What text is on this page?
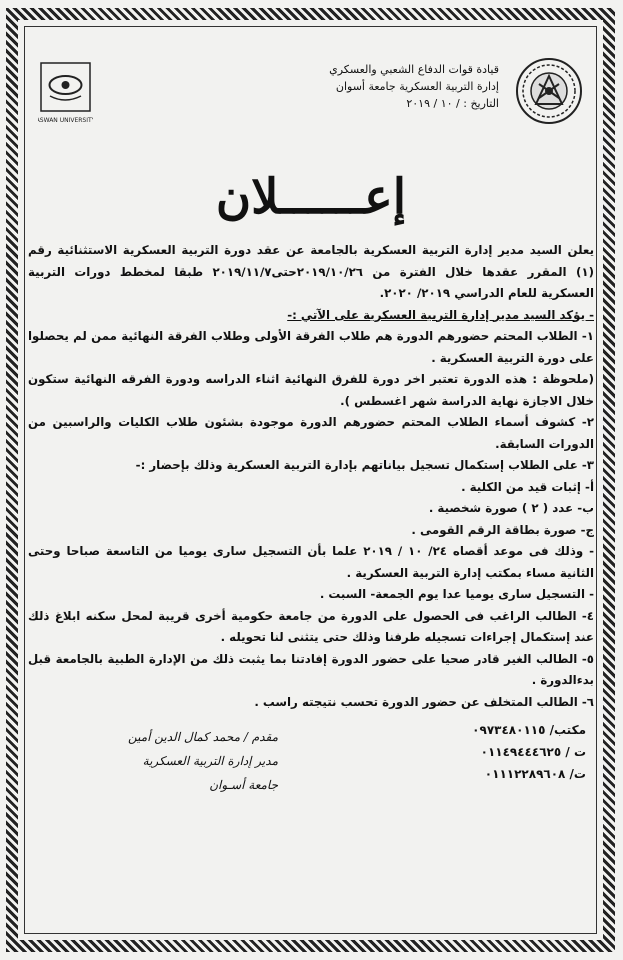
قيادة قوات الدفاع الشعبي والعسكري
إدارة التربية العسكرية جامعة أسوان
التاريخ : / ١٠ / ٢٠١٩
ASWAN UNIVERSITY
إعــــــلان

يعلن السيد مدير إدارة التربية العسكرية بالجامعة عن عقد دورة التربية العسكرية الاستثنائية رقم (١) المقرر عقدها خلال الفترة من ٢٠١٩/١٠/٢٦حتى٢٠١٩/١١/٧ طبقا لمخطط دورات التربية العسكرية للعام الدراسي ٢٠١٩/ ٢٠٢٠.

- يؤكد السيد مدير إدارة التربية العسكرية على الآتي :-

١- الطلاب المحتم حضورهم الدورة هم طلاب الفرقة الأولى وطلاب الفرقة النهائية ممن لم يحصلوا على دورة التربية العسكرية .

(ملحوظة : هذه الدورة تعتبر اخر دورة للفرق النهائية اثناء الدراسه ودورة الفرقه النهائية ستكون خلال الاجازة نهاية الدراسة شهر اغسطس ).

٢- كشوف أسماء الطلاب المحتم حضورهم الدورة موجودة بشئون طلاب الكليات والراسبين من الدورات السابقة.

٣- على الطلاب إستكمال تسجيل بياناتهم بإدارة التربية العسكرية وذلك بإحضار :-

أ- إثبات قيد من الكلية .

ب- عدد ( ٢ ) صورة شخصية .

ج- صورة بطاقة الرقم القومى .

- وذلك فى موعد أقصاه ٢٤/ ١٠ / ٢٠١٩ علما بأن التسجيل سارى يوميا من التاسعة صباحا وحتى الثانية مساء بمكتب إدارة التربية العسكرية .

- التسجيل سارى يوميا عدا يوم الجمعة- السبت .

٤- الطالب الراغب فى الحصول على الدورة من جامعة حكومية أخرى قريبة لمحل سكنه ابلاغ ذلك عند إستكمال إجراءات تسجيله طرفنا وذلك حتى يتثنى لنا تحويله .

٥- الطالب الغير قادر صحيا على حضور الدورة إفادتنا بما يثبت ذلك من الإدارة الطبية بالجامعة قبل بدءالدورة .

٦- الطالب المتخلف عن حضور الدورة تحسب نتيجته راسب .

مكتب/ ٠٩٧٣٤٨٠١١٥
ت / ٠١١٤٩٤٤٤٦٢٥
ت/ ٠١١١٢٢٨٩٦٠٨
مقدم / محمد كمال الدين أمين
مدير إدارة التربية العسكرية
جامعة أسـوان
